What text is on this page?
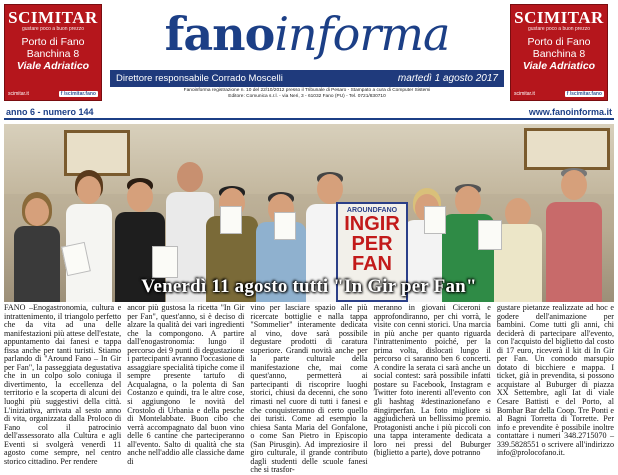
SCIMITAR
gustare poco a buon prezzo
Porto di Fano
Banchina 8
Viale Adriatico
scimitar.it	f /scimitar.fano
SCIMITAR
gustare poco a buon prezzo
Porto di Fano
Banchina 8
Viale Adriatico
scimitar.it	f /scimitar.fano
fanoinforma
Direttore responsabile Corrado Moscelli	martedì 1 agosto 2017
Fanoinforma registrazione n. 10 del 22/10/2012 presso il Tribunale di Pesaro - Stampato a cura di Computer Sistemi
Editore: Comunica s.r.l. - via Neri, 3 - 61032 Fano (PU) - Tel. 0721/830710
anno 6 - numero 144	www.fanoinforma.it
AROUNDFANO
INGIR
PER
FAN
Venerdì 11 agosto tutti "In Gir per Fan"

FANO –Enogastronomia, cultura e intrattenimento, il triangolo perfetto che da vita ad una delle manifestazioni più attese dell'estate, appuntamento dai fanesi e tappa fissa anche per tanti turisti. Stiamo parlando di "Around Fano – In Gir per Fan", la passeggiata degustativa che in un colpo solo coniuga il divertimento, la eccellenza del territorio e la scoperta di alcuni dei luoghi più suggestivi della città. L'iniziativa, arrivata al sesto anno di vita, organizzata dalla Proloco di Fano col il patrocinio dell'assessorato alla Cultura e agli Eventi si svolgerà venerdì 11 agosto come sempre, nel centro storico cittadino. Per rendere

ancor più gustosa la ricetta "In Gir per Fan", quest'anno, si è deciso di alzare la qualità dei vari ingredienti che la compongono. A partire dall'enogastronomia: lungo il percorso dei 9 punti di degustazione i partecipanti avranno l'occasione di assaggiare specialità tipiche come il sempre presente tartufo di Acqualagna, o la polenta di San Costanzo e quindi, tra le altre cose, si aggiungono le novità del Crostolo di Urbania e della pesche di Montelabbate. Buon cibo che verrà accompagnato dal buon vino delle 6 cantine che parteciperanno all'evento. Salto di qualità che sta anche nell'addio alle classiche dame di

vino per lasciare spazio alle più ricercate bottiglie e nalla tappa "Sommelier" interamente dedicata al vino, dove sarà possibile degustare prodotti di caratura superiore. Grandi novità anche per la parte culturale della manifestazione che, mai come quest'anno, permetterà ai partecipanti di riscoprire luoghi storici, chiusi da decenni, che sono rimasti nel cuore di tutti i fanesi e che conquisteranno di certo quello dei turisti. Come ad esempio la chiesa Santa Maria del Gonfalone, o come San Pietro in Episcopio (San Pirusgin). Ad impreziosire il giro culturale, il grande contributo dagli studenti delle scuole fanesi che si trasfor-

meranno in giovani Ciceroni e approfondiranno, per chi vorrà, le visite con cenni storici. Una marcia in più anche per quanto riguarda l'intrattenimento poiché, per la prima volta, dislocati lungo il percorso ci saranno ben 6 concerti. A condire la serata ci sarà anche un social contest: sarà possibile infatti postare su Facebook, Instagram e Twitter foto inerenti all'evento con gli hashtag #destinazionefano e #ingirperfan. La foto migliore si aggiudicherà un bellissimo premio. Protagonisti anche i più piccoli con una tappa interamente dedicata a loro nei pressi del Buburger (biglietto a parte), dove potranno

gustare pietanze realizzate ad hoc e godere dell'animazione per bambini. Come tutti gli anni, chi deciderà di partecipare all'evento, con l'acquisto del biglietto dal costo di 17 euro, riceverà il kit di In Gir per Fan. Un comodo marsupio dotato di bicchiere e mappa. I ticket, già in prevendita, si possono acquistare al Buburger di piazza XX Settembre, agli Iat di viale Cesare Battisti e del Porto, al Bombar Bar della Coop. Tre Ponti e al Bagni Torretta di Torrette. Per info e prevendite è possibile inoltre contattare i numeri 348.2715070 – 339.5828551 o scrivere all'indirizzo info@prolocofano.it.
